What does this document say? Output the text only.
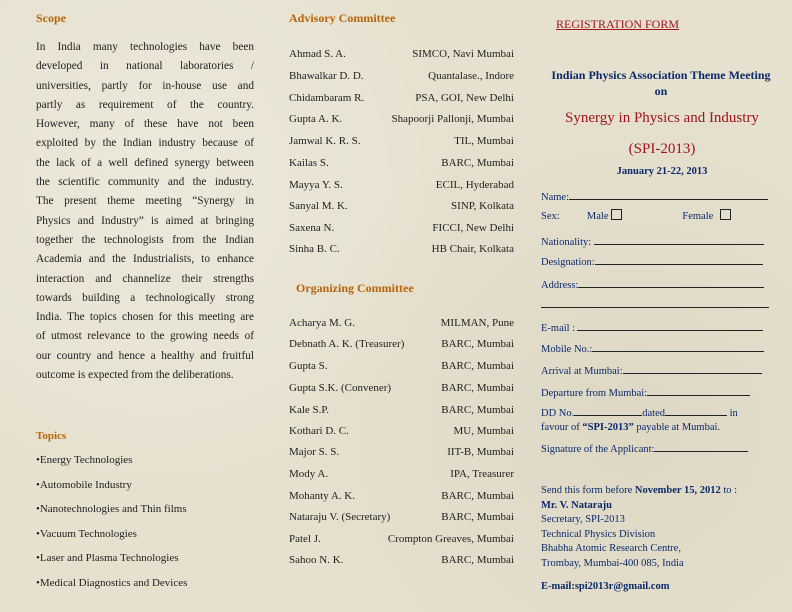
Scope
In India many technologies have been
developed in national laboratories /
universities, partly for in-house use and
partly as requirement of the country.
However, many of these have not been
exploited by the Indian industry because of
the lack of a well defined synergy between
the scientific community and the industry.
The present theme meeting “Synergy in
Physics and Industry” is aimed at bringing
together the technologists from the Indian
Academia and the Industrialists, to enhance
interaction and channelize their strengths
towards building a technologically strong
India. The topics chosen for this meeting are
of utmost relevance to the growing needs of
our country and hence a healthy and fruitful
outcome is expected from the deliberations.
Topics
•Energy Technologies
•Automobile Industry
•Nanotechnologies and Thin films
•Vacuum Technologies
•Laser and Plasma Technologies
•Medical Diagnostics and Devices
Advisory Committee
Ahmad S. A.	SIMCO, Navi Mumbai
Bhawalkar D. D.	Quantalase., Indore
Chidambaram R.	PSA, GOI, New Delhi
Gupta A. K.	Shapoorji Pallonji, Mumbai
Jamwal K. R. S.	TIL, Mumbai
Kailas S.	BARC, Mumbai
Mayya Y. S.	ECIL, Hyderabad
Sanyal M. K.	SINP, Kolkata
Saxena N.	FICCI, New Delhi
Sinha B. C.	HB Chair, Kolkata
Organizing Committee
Acharya M. G.	MILMAN, Pune
Debnath A. K. (Treasurer)	BARC, Mumbai
Gupta S.	BARC, Mumbai
Gupta S.K. (Convener)	BARC, Mumbai
Kale S.P.	BARC, Mumbai
Kothari D. C.	MU, Mumbai
Major S. S.	IIT-B, Mumbai
Mody A.	IPA, Treasurer
Mohanty A. K.	BARC, Mumbai
Nataraju V. (Secretary)	BARC, Mumbai
Patel J.	Crompton Greaves, Mumbai
Sahoo N. K.	BARC, Mumbai
REGISTRATION FORM
Indian Physics Association Theme Meeting on
Synergy in Physics and Industry
(SPI-2013)
January 21-22, 2013
Name:
Sex:	Male	Female
Nationality:
Designation:
Address:
E-mail :
Mobile No.:
Arrival at Mumbai:
Departure from Mumbai:
DD No.	dated	in
favour of “SPI-2013” payable at Mumbai.
Signature of the Applicant:
Send this form before November 15, 2012 to :
Mr. V. Nataraju
Secretary, SPI-2013
Technical Physics Division
Bhabha Atomic Research Centre,
Trombay, Mumbai-400 085, India
E-mail:spi2013r@gmail.com
